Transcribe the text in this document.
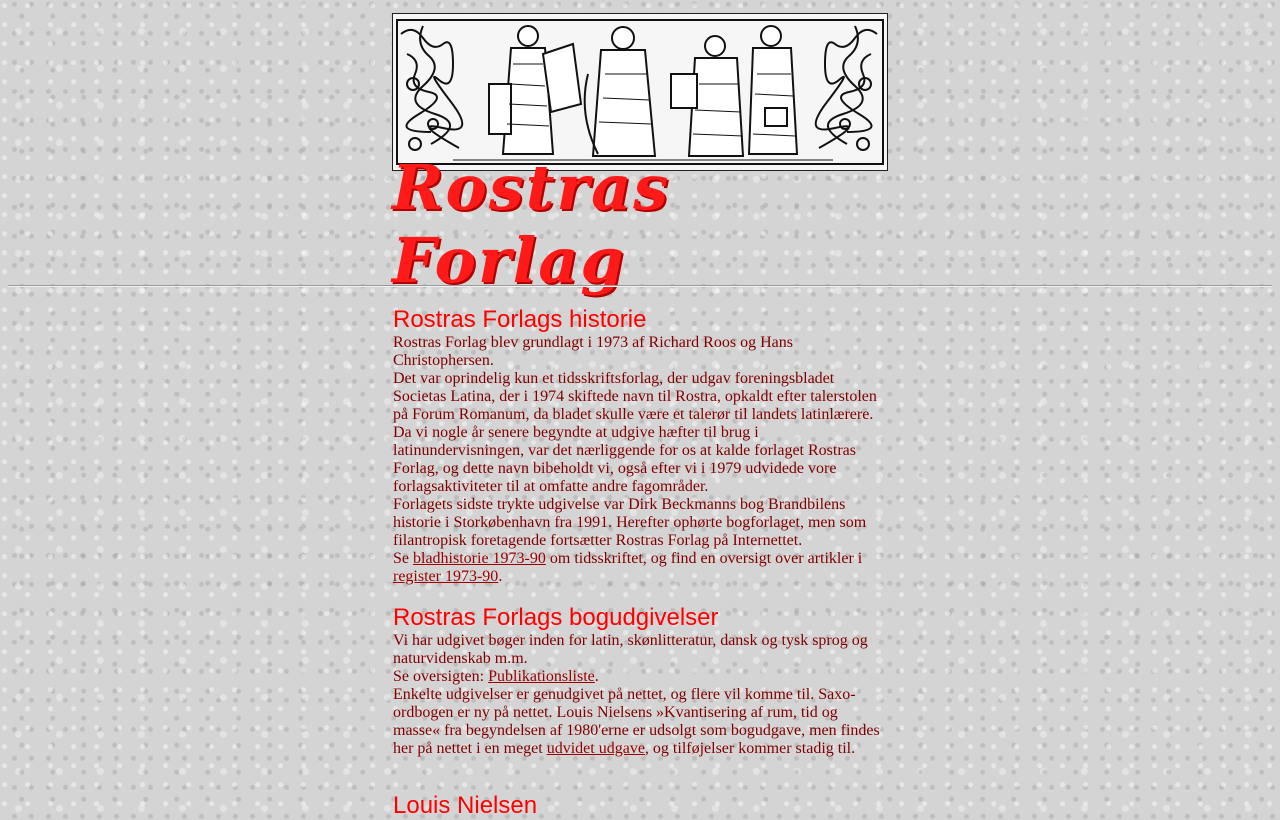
Rostras Forlag
Rostras Forlags historie

Rostras Forlag blev grundlagt i 1973 af Richard Roos og Hans Christophersen.

Det var oprindelig kun et tidsskriftsforlag, der udgav foreningsbladet Societas Latina, der i 1974 skiftede navn til Rostra, opkaldt efter talerstolen på Forum Romanum, da bladet skulle være et talerør til landets latinlærere. Da vi nogle år senere begyndte at udgive hæfter til brug i latinundervisningen, var det nærliggende for os at kalde forlaget Rostras Forlag, og dette navn bibeholdt vi, også efter vi i 1979 udvidede vore forlagsaktiviteter til at omfatte andre fagområder.

Forlagets sidste trykte udgivelse var Dirk Beckmanns bog Brandbilens historie i Storkøbenhavn fra 1991. Herefter ophørte bogforlaget, men som filantropisk foretagende fortsætter Rostras Forlag på Internettet.

Se bladhistorie 1973-90 om tidsskriftet, og find en oversigt over artikler i register 1973-90.

Rostras Forlags bogudgivelser

Vi har udgivet bøger inden for latin, skønlitteratur, dansk og tysk sprog og naturvidenskab m.m.

Se oversigten: Publikationsliste.

Enkelte udgivelser er genudgivet på nettet, og flere vil komme til. Saxo-ordbogen er ny på nettet. Louis Nielsens »Kvantisering af rum, tid og masse« fra begyndelsen af 1980'erne er udsolgt som bogudgave, men findes her på nettet i en meget udvidet udgave, og tilføjelser kommer stadig til.

Louis Nielsen
